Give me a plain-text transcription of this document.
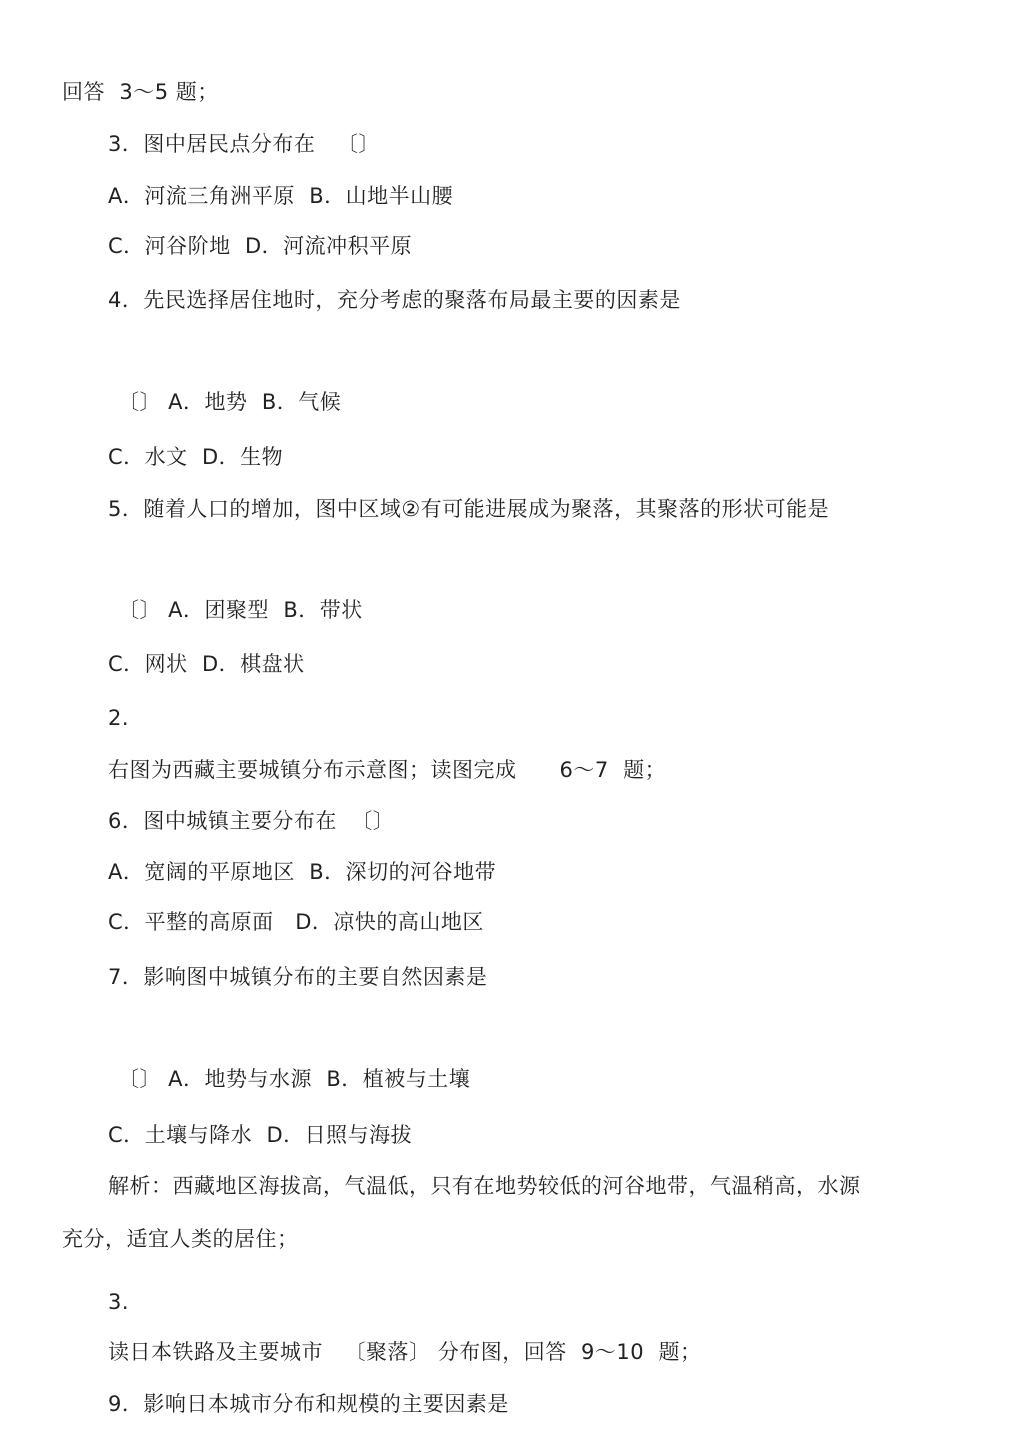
回答  3～5 题；
3．图中居民点分布在   〔〕
A．河流三角洲平原  B．山地半山腰
C．河谷阶地  D．河流冲积平原
4．先民选择居住地时，充分考虑的聚落布局最主要的因素是
〔〕 A．地势  B．气候
C．水文  D．生物
5．随着人口的增加，图中区域②有可能进展成为聚落，其聚落的形状可能是
〔〕 A．团聚型  B．带状
C．网状  D．棋盘状
2.
右图为西藏主要城镇分布示意图；读图完成      6～7  题；
6．图中城镇主要分布在  〔〕
A．宽阔的平原地区  B．深切的河谷地带
C．平整的高原面   D．凉快的高山地区
7．影响图中城镇分布的主要自然因素是
〔〕 A．地势与水源  B．植被与土壤
C．土壤与降水  D．日照与海拔
解析：西藏地区海拔高，气温低，只有在地势较低的河谷地带，气温稍高，水源
充分，适宜人类的居住；
3.
读日本铁路及主要城市   〔聚落〕 分布图，回答  9～10  题；
9．影响日本城市分布和规模的主要因素是
